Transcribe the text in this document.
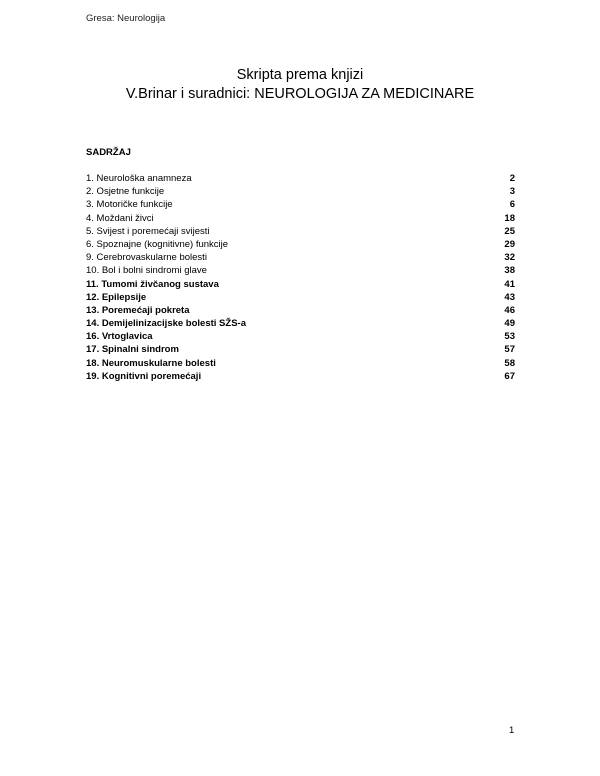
Gresa: Neurologija
Skripta prema knjizi
V.Brinar i suradnici: NEUROLOGIJA ZA MEDICINARE
SADRŽAJ
1. Neurološka anamneza	2
2. Osjetne funkcije	3
3. Motoričke funkcije	6
4. Moždani živci	18
5. Svijest i poremećaji svijesti	25
6. Spoznajne (kognitivne) funkcije	29
9. Cerebrovaskularne bolesti	32
10. Bol i bolni sindromi glave	38
11. Tumomi živčanog sustava	41
12. Epilepsije	43
13. Poremećaji pokreta	46
14. Demijelinizacijske bolesti SŽS-a	49
16. Vrtoglavica	53
17. Spinalni sindrom	57
18. Neuromuskularne bolesti	58
19. Kognitivni poremećaji	67
1
